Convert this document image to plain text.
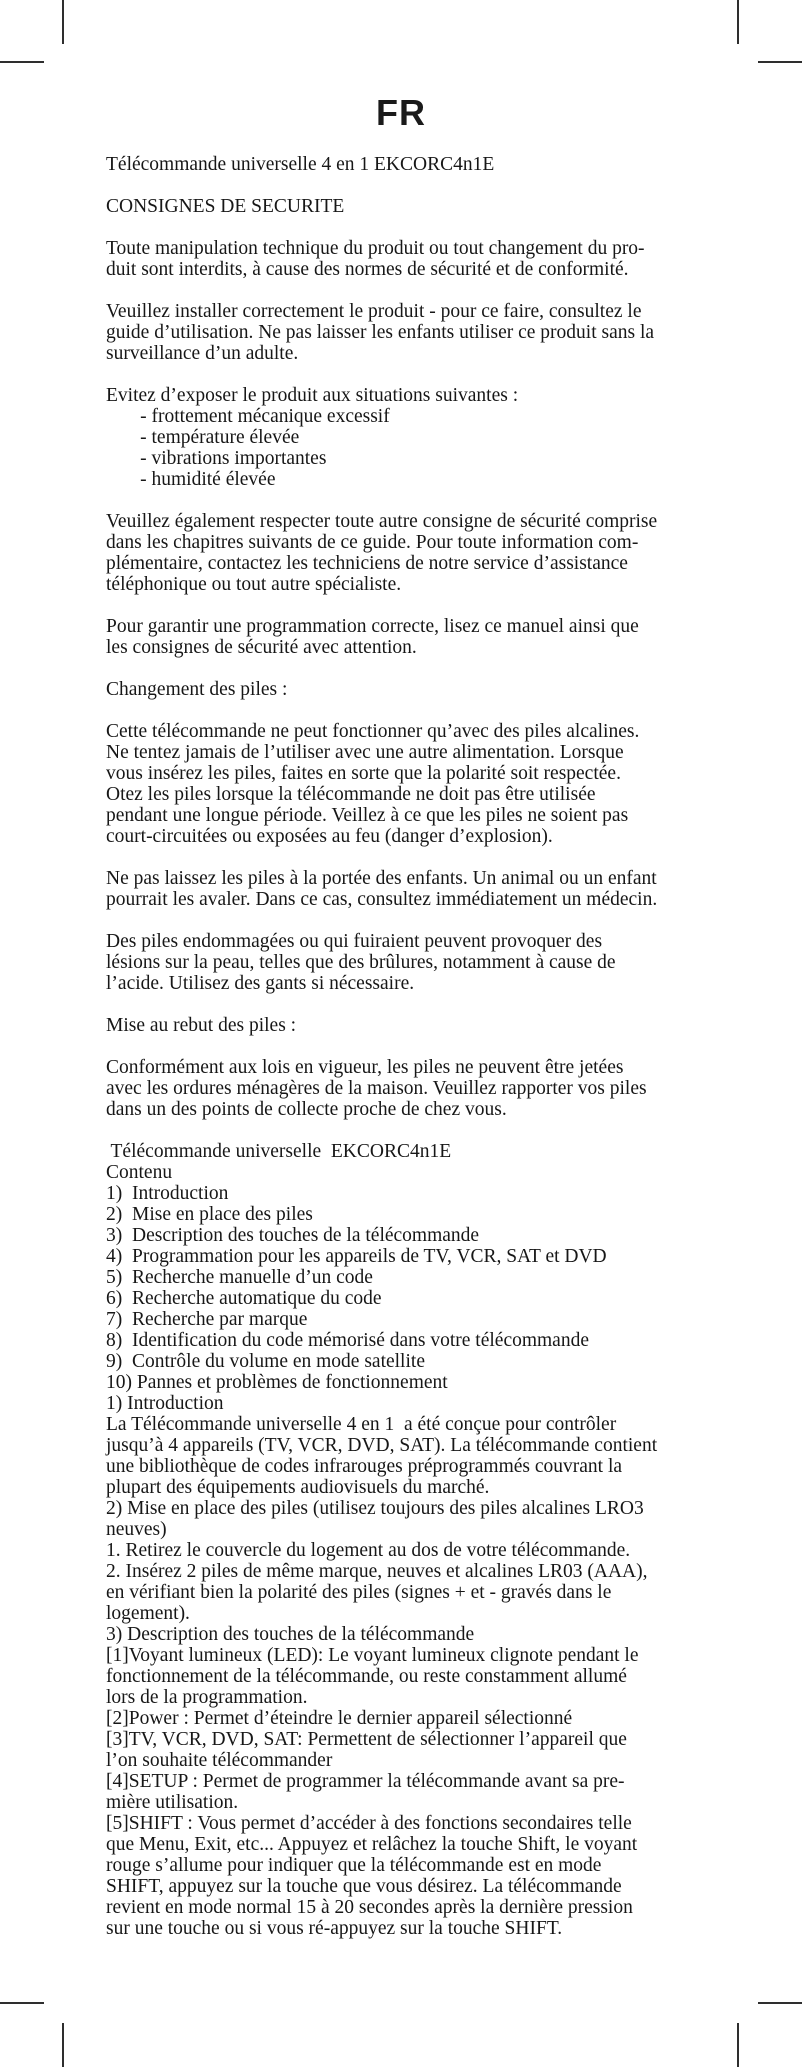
FR
Télécommande universelle 4 en 1 EKCORC4n1E

CONSIGNES DE SECURITE

Toute manipulation technique du produit ou tout changement du pro-
duit sont interdits, à cause des normes de sécurité et de conformité.

Veuillez installer correctement le produit - pour ce faire, consultez le
guide d’utilisation. Ne pas laisser les enfants utiliser ce produit sans la
surveillance d’un adulte.

Evitez d’exposer le produit aux situations suivantes :
- frottement mécanique excessif
- température élevée
- vibrations importantes
- humidité élevée

Veuillez également respecter toute autre consigne de sécurité comprise
dans les chapitres suivants de ce guide. Pour toute information com-
plémentaire, contactez les techniciens de notre service d’assistance
téléphonique ou tout autre spécialiste.

Pour garantir une programmation correcte, lisez ce manuel ainsi que
les consignes de sécurité avec attention.

Changement des piles :

Cette télécommande ne peut fonctionner qu’avec des piles alcalines.
Ne tentez jamais de l’utiliser avec une autre alimentation. Lorsque
vous insérez les piles, faites en sorte que la polarité soit respectée.
Otez les piles lorsque la télécommande ne doit pas être utilisée
pendant une longue période. Veillez à ce que les piles ne soient pas
court-circuitées ou exposées au feu (danger d’explosion).

Ne pas laissez les piles à la portée des enfants. Un animal ou un enfant
pourrait les avaler. Dans ce cas, consultez immédiatement un médecin.

Des piles endommagées ou qui fuiraient peuvent provoquer des
lésions sur la peau, telles que des brûlures, notamment à cause de
l’acide. Utilisez des gants si nécessaire.

Mise au rebut des piles :

Conformément aux lois en vigueur, les piles ne peuvent être jetées
avec les ordures ménagères de la maison. Veuillez rapporter vos piles
dans un des points de collecte proche de chez vous.

Télécommande universelle  EKCORC4n1E
Contenu
1)  Introduction
2)  Mise en place des piles
3)  Description des touches de la télécommande
4)  Programmation pour les appareils de TV, VCR, SAT et DVD
5)  Recherche manuelle d’un code
6)  Recherche automatique du code
7)  Recherche par marque
8)  Identification du code mémorisé dans votre télécommande
9)  Contrôle du volume en mode satellite
10) Pannes et problèmes de fonctionnement
1) Introduction
La Télécommande universelle 4 en 1  a été conçue pour contrôler
jusqu’à 4 appareils (TV, VCR, DVD, SAT). La télécommande contient
une bibliothèque de codes infrarouges préprogrammés couvrant la
plupart des équipements audiovisuels du marché.
2) Mise en place des piles (utilisez toujours des piles alcalines LRO3
neuves)
1. Retirez le couvercle du logement au dos de votre télécommande.
2. Insérez 2 piles de même marque, neuves et alcalines LR03 (AAA),
en vérifiant bien la polarité des piles (signes + et - gravés dans le
logement).
3) Description des touches de la télécommande
[1]Voyant lumineux (LED): Le voyant lumineux clignote pendant le
fonctionnement de la télécommande, ou reste constamment allumé
lors de la programmation.
[2]Power : Permet d’éteindre le dernier appareil sélectionné
[3]TV, VCR, DVD, SAT: Permettent de sélectionner l’appareil que
l’on souhaite télécommander
[4]SETUP : Permet de programmer la télécommande avant sa pre-
mière utilisation.
[5]SHIFT : Vous permet d’accéder à des fonctions secondaires telle
que Menu, Exit, etc... Appuyez et relâchez la touche Shift, le voyant
rouge s’allume pour indiquer que la télécommande est en mode
SHIFT, appuyez sur la touche que vous désirez. La télécommande
revient en mode normal 15 à 20 secondes après la dernière pression
sur une touche ou si vous ré-appuyez sur la touche SHIFT.
